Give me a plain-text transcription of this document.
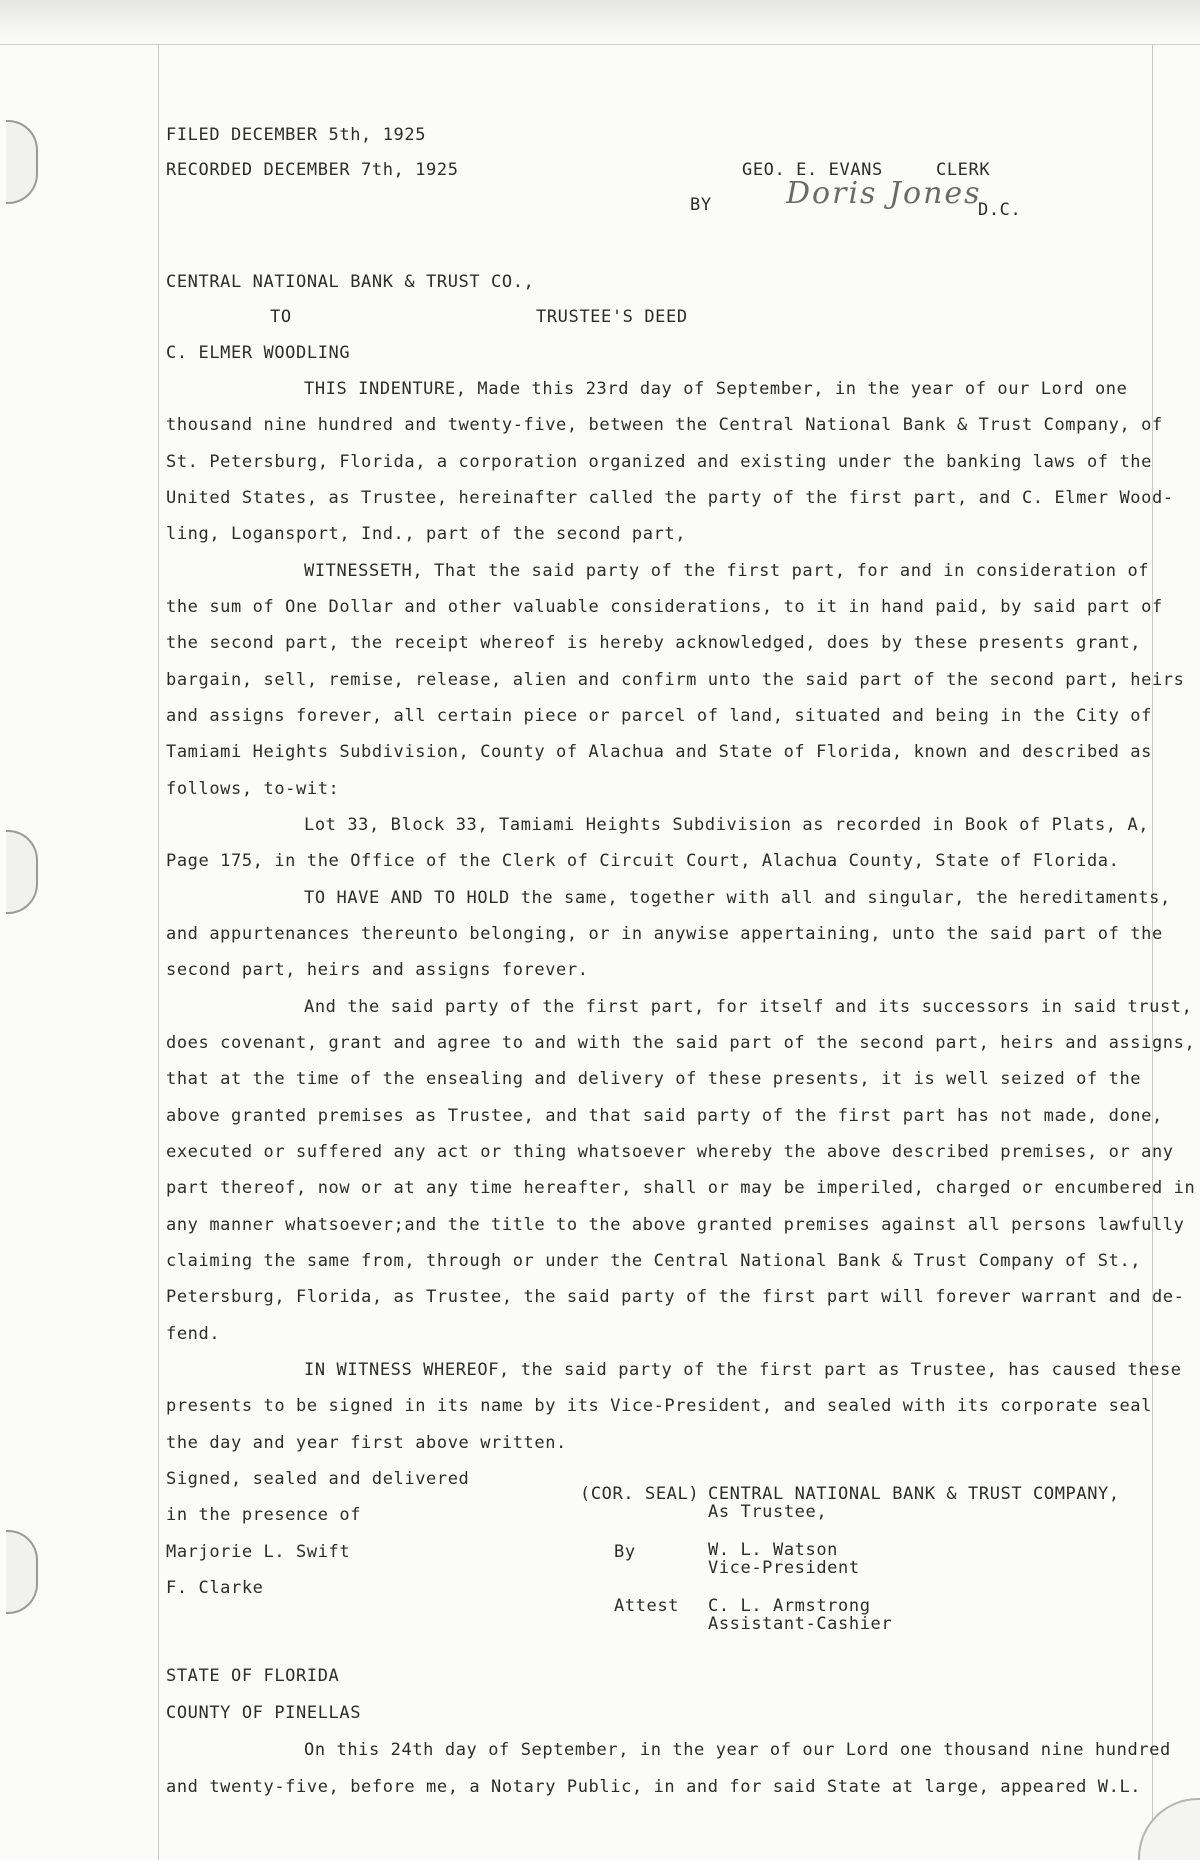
FILED DECEMBER 5th, 1925
RECORDED DECEMBER 7th, 1925	GEO. E. EVANS	CLERK
BY Doris Jones
D.C.
CENTRAL NATIONAL BANK & TRUST CO.,
TO	TRUSTEE'S DEED
C. ELMER WOODLING
THIS INDENTURE, Made this 23rd day of September, in the year of our Lord one
thousand nine hundred and twenty-five, between the Central National Bank & Trust Company, of
St. Petersburg, Florida, a corporation organized and existing under the banking laws of the
United States, as Trustee, hereinafter called the party of the first part, and C. Elmer Wood-
ling, Logansport, Ind., part of the second part,
WITNESSETH, That the said party of the first part, for and in consideration of
the sum of One Dollar and other valuable considerations, to it in hand paid, by said part of
the second part, the receipt whereof is hereby acknowledged, does by these presents grant,
bargain, sell, remise, release, alien and confirm unto the said part of the second part, heirs
and assigns forever, all certain piece or parcel of land, situated and being in the City of
Tamiami Heights Subdivision, County of Alachua and State of Florida, known and described as
follows, to-wit:
Lot 33, Block 33, Tamiami Heights Subdivision as recorded in Book of Plats, A,
Page 175, in the Office of the Clerk of Circuit Court, Alachua County, State of Florida.
TO HAVE AND TO HOLD the same, together with all and singular, the hereditaments,
and appurtenances thereunto belonging, or in anywise appertaining, unto the said part of the
second part, heirs and assigns forever.
And the said party of the first part, for itself and its successors in said trust,
does covenant, grant and agree to and with the said part of the second part, heirs and assigns,
that at the time of the ensealing and delivery of these presents, it is well seized of the
above granted premises as Trustee, and that said party of the first part has not made, done,
executed or suffered any act or thing whatsoever whereby the above described premises, or any
part thereof, now or at any time hereafter, shall or may be imperiled, charged or encumbered in
any manner whatsoever;and the title to the above granted premises against all persons lawfully
claiming the same from, through or under the Central National Bank & Trust Company of St.,
Petersburg, Florida, as Trustee, the said party of the first part will forever warrant and de-
fend.
IN WITNESS WHEREOF, the said party of the first part as Trustee, has caused these
presents to be signed in its name by its Vice-President, and sealed with its corporate seal
the day and year first above written.
Signed, sealed and delivered
in the presence of
Marjorie L. Swift
F. Clarke
(COR. SEAL) CENTRAL NATIONAL BANK & TRUST COMPANY,
As Trustee,
By	W. L. Watson
Vice-President
Attest C. L. Armstrong
Assistant-Cashier
STATE OF FLORIDA
COUNTY OF PINELLAS
On this 24th day of September, in the year of our Lord one thousand nine hundred
and twenty-five, before me, a Notary Public, in and for said State at large, appeared W.L.
